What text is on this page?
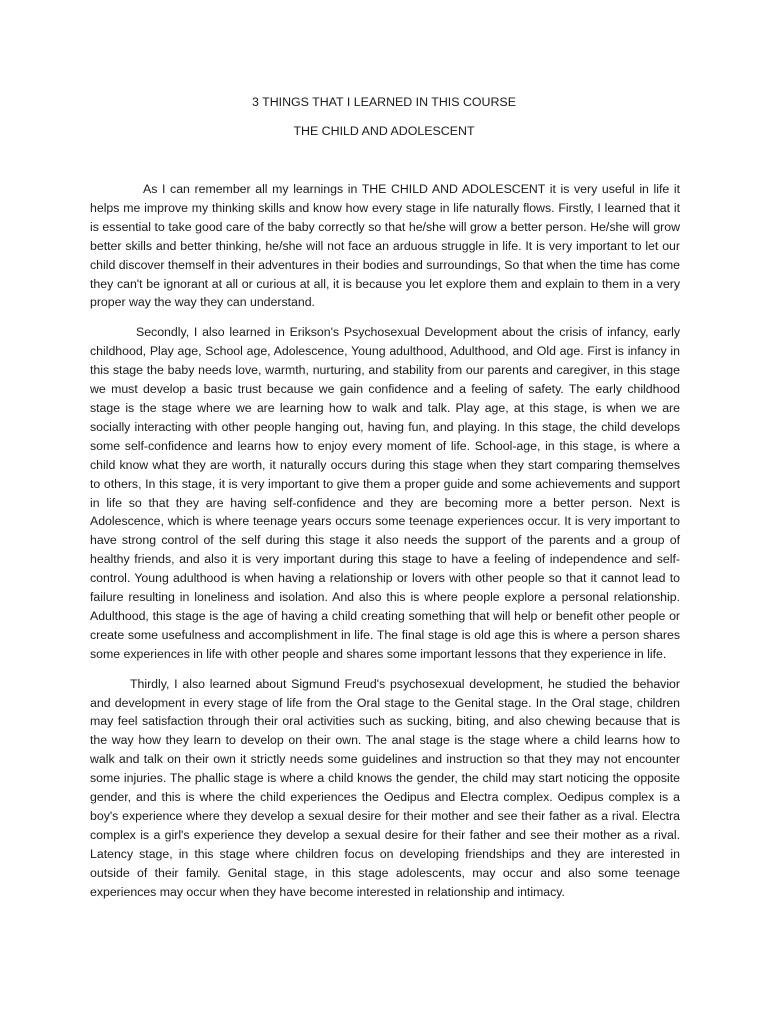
3 THINGS THAT I LEARNED IN THIS COURSE
THE CHILD AND ADOLESCENT

As I can remember all my learnings in THE CHILD AND ADOLESCENT it is very useful in life it helps me improve my thinking skills and know how every stage in life naturally flows. Firstly, I learned that it is essential to take good care of the baby correctly so that he/she will grow a better person. He/she will grow better skills and better thinking, he/she will not face an arduous struggle in life. It is very important to let our child discover themself in their adventures in their bodies and surroundings, So that when the time has come they can't be ignorant at all or curious at all, it is because you let explore them and explain to them in a very proper way the way they can understand.

Secondly, I also learned in Erikson's Psychosexual Development about the crisis of infancy, early childhood, Play age, School age, Adolescence, Young adulthood, Adulthood, and Old age. First is infancy in this stage the baby needs love, warmth, nurturing, and stability from our parents and caregiver, in this stage we must develop a basic trust because we gain confidence and a feeling of safety. The early childhood stage is the stage where we are learning how to walk and talk. Play age, at this stage, is when we are socially interacting with other people hanging out, having fun, and playing. In this stage, the child develops some self-confidence and learns how to enjoy every moment of life. School-age, in this stage, is where a child know what they are worth, it naturally occurs during this stage when they start comparing themselves to others, In this stage, it is very important to give them a proper guide and some achievements and support in life so that they are having self-confidence and they are becoming more a better person. Next is Adolescence, which is where teenage years occurs some teenage experiences occur. It is very important to have strong control of the self during this stage it also needs the support of the parents and a group of healthy friends, and also it is very important during this stage to have a feeling of independence and self-control. Young adulthood is when having a relationship or lovers with other people so that it cannot lead to failure resulting in loneliness and isolation. And also this is where people explore a personal relationship. Adulthood, this stage is the age of having a child creating something that will help or benefit other people or create some usefulness and accomplishment in life. The final stage is old age this is where a person shares some experiences in life with other people and shares some important lessons that they experience in life.

Thirdly, I also learned about Sigmund Freud's psychosexual development, he studied the behavior and development in every stage of life from the Oral stage to the Genital stage. In the Oral stage, children may feel satisfaction through their oral activities such as sucking, biting, and also chewing because that is the way how they learn to develop on their own. The anal stage is the stage where a child learns how to walk and talk on their own it strictly needs some guidelines and instruction so that they may not encounter some injuries. The phallic stage is where a child knows the gender, the child may start noticing the opposite gender, and this is where the child experiences the Oedipus and Electra complex. Oedipus complex is a boy's experience where they develop a sexual desire for their mother and see their father as a rival. Electra complex is a girl's experience they develop a sexual desire for their father and see their mother as a rival. Latency stage, in this stage where children focus on developing friendships and they are interested in outside of their family. Genital stage, in this stage adolescents, may occur and also some teenage experiences may occur when they have become interested in relationship and intimacy.
